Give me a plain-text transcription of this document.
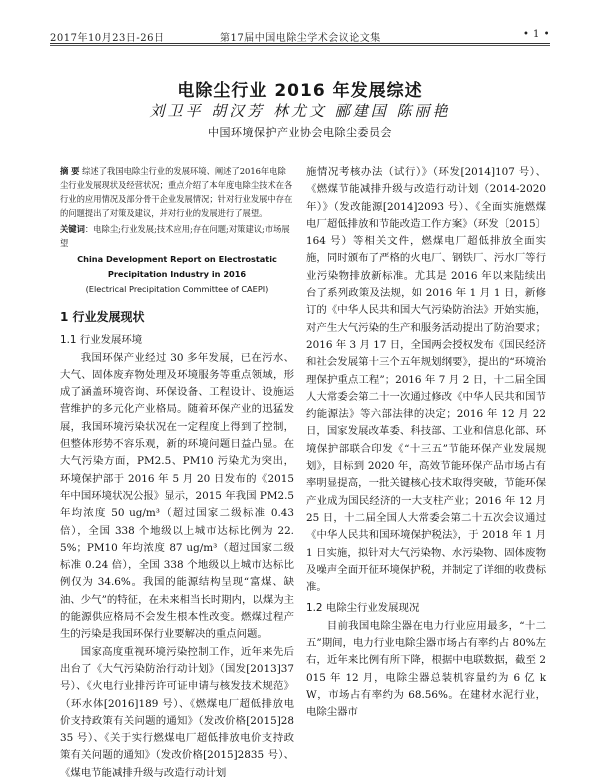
2017年10月23日-26日	第17届中国电除尘学术会议论文集	• 1 •
电除尘行业 2016 年发展综述
刘卫平 胡汉芳 林尤文 郦建国 陈丽艳
中国环境保护产业协会电除尘委员会
摘 要 综述了我国电除尘行业的发展环境、阐述了2016年电除尘行业发展现状及经营状况；重点介绍了本年度电除尘技术在各行业的应用情况及部分骨干企业发展情况；针对行业发展中存在的问题提出了对策及建议，并对行业的发展进行了展望。
关键词：电除尘;行业发展;技术应用;存在问题;对策建议;市场展望
China Development Report on Electrostatic
Precipitation Industry in 2016
(Electrical Precipitation Committee of CAEPI)
1 行业发展现状
1.1 行业发展环境

我国环保产业经过 30 多年发展，已在污水、大气、固体废弃物处理及环境服务等重点领域，形成了涵盖环境咨询、环保设备、工程设计、设施运营维护的多元化产业格局。随着环保产业的迅猛发展，我国环境污染状况在一定程度上得到了控制，但整体形势不容乐观，新的环境问题日益凸显。在大气污染方面，PM2.5、PM10 污染尤为突出，环境保护部于 2016 年 5 月 20 日发布的《2015 年中国环境状况公报》显示，2015 年我国 PM2.5 年均浓度 50 ug/m³（超过国家二级标准 0.43 倍），全国 338 个地级以上城市达标比例为 22.5%；PM10 年均浓度 87 ug/m³（超过国家二级标准 0.24 倍），全国 338 个地级以上城市达标比例仅为 34.6%。我国的能源结构呈现“富煤、缺油、少气”的特征，在未来相当长时期内，以煤为主的能源供应格局不会发生根本性改变。燃煤过程产生的污染是我国环保行业要解决的重点问题。

国家高度重视环境污染控制工作，近年来先后出台了《大气污染防治行动计划》（国发[2013]37 号）、《火电行业排污许可证申请与核发技术规范》（环水体[2016]189 号）、《燃煤电厂超低排放电价支持政策有关问题的通知》（发改价格[2015]2835 号）、《关于实行燃煤电厂超低排放电价支持政策有关问题的通知》（发改价格[2015]2835 号）、《煤电节能减排升级与改造行动计划

施情况考核办法（试行）》（环发[2014]107 号）、《燃煤节能减排升级与改造行动计划（2014-2020 年）》（发改能源[2014]2093 号）、《全面实施燃煤电厂超低排放和节能改造工作方案》（环发〔2015〕164 号）等相关文件，燃煤电厂超低排放全面实施，同时颁布了严格的火电厂、钢铁厂、污水厂等行业污染物排放新标准。尤其是 2016 年以来陆续出台了系列政策及法规，如 2016 年 1 月 1 日，新修订的《中华人民共和国大气污染防治法》开始实施，对产生大气污染的生产和服务活动提出了防治要求；2016 年 3 月 17 日，全国两会授权发布《国民经济和社会发展第十三个五年规划纲要》，提出的“环境治理保护重点工程”；2016 年 7 月 2 日，十二届全国人大常委会第二十一次通过修改《中华人民共和国节约能源法》等六部法律的决定；2016 年 12 月 22 日，国家发展改革委、科技部、工业和信息化部、环境保护部联合印发《“十三五”节能环保产业发展规划》，目标到 2020 年，高效节能环保产品市场占有率明显提高，一批关键核心技术取得突破，节能环保产业成为国民经济的一大支柱产业；2016 年 12 月 25 日，十二届全国人大常委会第二十五次会议通过《中华人民共和国环境保护税法》，于 2018 年 1 月 1 日实施，拟针对大气污染物、水污染物、固体废物及噪声全面开征环境保护税，并制定了详细的收费标准。

1.2 电除尘行业发展现况

目前我国电除尘器在电力行业应用最多，“十二五”期间，电力行业电除尘器市场占有率约占 80%左右，近年来比例有所下降，根据中电联数据，截至 2015 年 12 月，电除尘器总装机容量约为 6 亿 kW，市场占有率约为 68.56%。在建材水泥行业，电除尘器市
